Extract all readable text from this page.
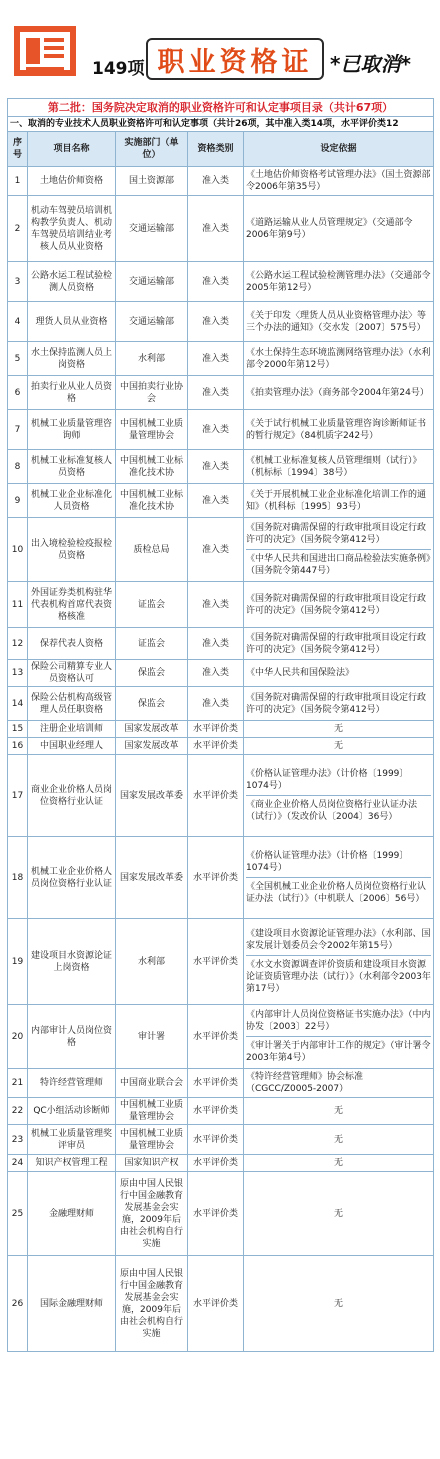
149项 职业资格证 *已取消*
第二批：国务院决定取消的职业资格许可和认定事项目录（共计67项）				
一、取消的专业技术人员职业资格许可和认定事项（共计26项，其中准入类14项，水平评价类12				
序号	项目名称	实施部门（单位）	资格类别	设定依据
1	土地估价师资格	国土资源部	准入类	《土地估价师资格考试管理办法》（国土资源部令2006年第35号）

2	机动车驾驶员培训机构教学负责人、机动车驾驶员培训结业考核人员从业资格	交通运输部	准入类	《道路运输从业人员管理规定》（交通部令2006年第9号）

3	公路水运工程试验检测人员资格	交通运输部	准入类	《公路水运工程试验检测管理办法》（交通部令2005年第12号）

4	理货人员从业资格	交通运输部	准入类	《关于印发〈理货人员从业资格管理办法〉等三个办法的通知》（交水发〔2007〕575号）

5	水土保持监测人员上岗资格	水利部	准入类	《水土保持生态环境监测网络管理办法》（水利部令2000年第12号）

6	拍卖行业从业人员资格	中国拍卖行业协会	准入类	《拍卖管理办法》（商务部令2004年第24号）

7	机械工业质量管理咨询师	中国机械工业质量管理协会	准入类	《关于试行机械工业质量管理咨询诊断师证书的暂行规定》（84机质字242号）

8	机械工业标准复核人员资格	中国机械工业标准化技术协	准入类	《机械工业标准复核人员管理细则（试行）》（机标标〔1994〕38号）

9	机械工业企业标准化人员资格	中国机械工业标准化技术协	准入类	《关于开展机械工业企业标准化培训工作的通知》（机科标〔1995〕93号）

10	出入境检验检疫报检员资格	质检总局	准入类	《国务院对确需保留的行政审批项目设定行政许可的决定》（国务院令第412号）
《中华人民共和国进出口商品检验法实施条例》（国务院令第447号）

11	外国证券类机构驻华代表机构首席代表资格核准	证监会	准入类	《国务院对确需保留的行政审批项目设定行政许可的决定》（国务院令第412号）

12	保荐代表人资格	证监会	准入类	《国务院对确需保留的行政审批项目设定行政许可的决定》（国务院令第412号）

13	保险公司精算专业人员资格认可	保监会	准入类	《中华人民共和国保险法》

14	保险公估机构高级管理人员任职资格	保监会	准入类	《国务院对确需保留的行政审批项目设定行政许可的决定》（国务院令第412号）

15	注册企业培训师	国家发展改革	水平评价类	无

16	中国职业经理人	国家发展改革	水平评价类	无

17	商业企业价格人员岗位资格行业认证	国家发展改革委	水平评价类	《价格认证管理办法》（计价格〔1999〕1074号）
《商业企业价格人员岗位资格行业认证办法（试行）》（发改价认〔2004〕36号）

18	机械工业企业价格人员岗位资格行业认证	国家发展改革委	水平评价类	《价格认证管理办法》（计价格〔1999〕1074号）
《全国机械工业企业价格人员岗位资格行业认证办法（试行）》（中机联人〔2006〕56号）

19	建设项目水资源论证上岗资格	水利部	水平评价类	《建设项目水资源论证管理办法》（水利部、国家发展计划委员会令2002年第15号）
《水文水资源调查评价资质和建设项目水资源论证资质管理办法（试行）》（水利部令2003年第17号）

20	内部审计人员岗位资格	审计署	水平评价类	《内部审计人员岗位资格证书实施办法》（中内协发〔2003〕22号）
《审计署关于内部审计工作的规定》（审计署令2003年第4号）

21	特许经营管理师	中国商业联合会	水平评价类	《特许经营管理师》协会标准（CGCC/Z0005-2007）

22	QC小组活动诊断师	中国机械工业质量管理协会	水平评价类	无

23	机械工业质量管理奖评审员	中国机械工业质量管理协会	水平评价类	无

24	知识产权管理工程	国家知识产权	水平评价类	无

25	金融理财师	原由中国人民银行中国金融教育发展基金会实施，2009年后由社会机构自行实施	水平评价类	无

26	国际金融理财师	原由中国人民银行中国金融教育发展基金会实施，2009年后由社会机构自行实施	水平评价类	无
